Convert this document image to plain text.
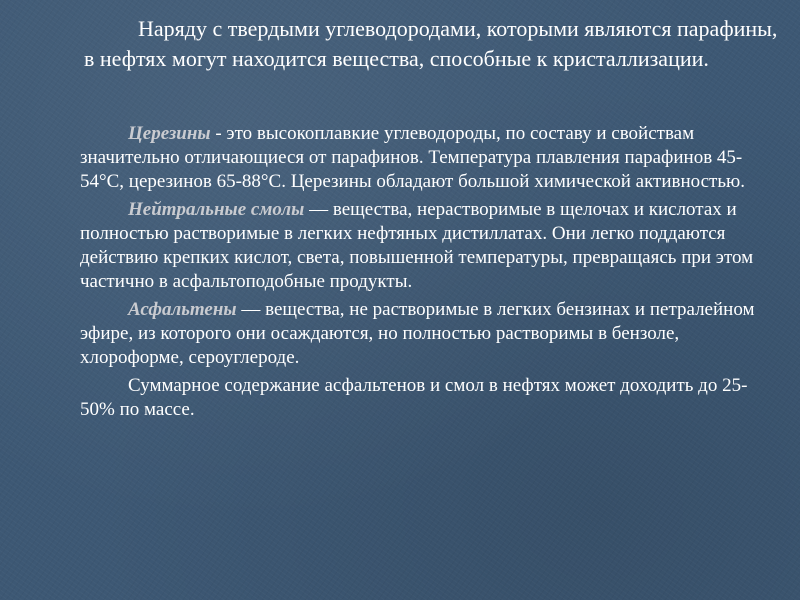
Наряду с твердыми углеводородами, которыми являются парафины, в нефтях могут находится вещества, способные к кристаллизации.

Церезины - это высокоплавкие углеводороды, по составу и свойствам значительно отличающиеся от парафинов. Температура плавления парафинов 45-54°С, церезинов 65-88°С. Церезины обладают большой химической активностью.

Нейтральные смолы — вещества, нерастворимые в щелочах и кислотах и полностью растворимые в легких нефтяных дистиллатах. Они легко поддаются действию крепких кислот, света, повышенной температуры, превращаясь при этом частично в асфальтоподобные продукты.

Асфальтены — вещества, не растворимые в легких бензинах и петралейном эфире, из которого они осаждаются, но полностью растворимы в бензоле, хлороформе, сероуглероде.

Суммарное содержание асфальтенов и смол в нефтях может доходить до 25-50% по массе.
